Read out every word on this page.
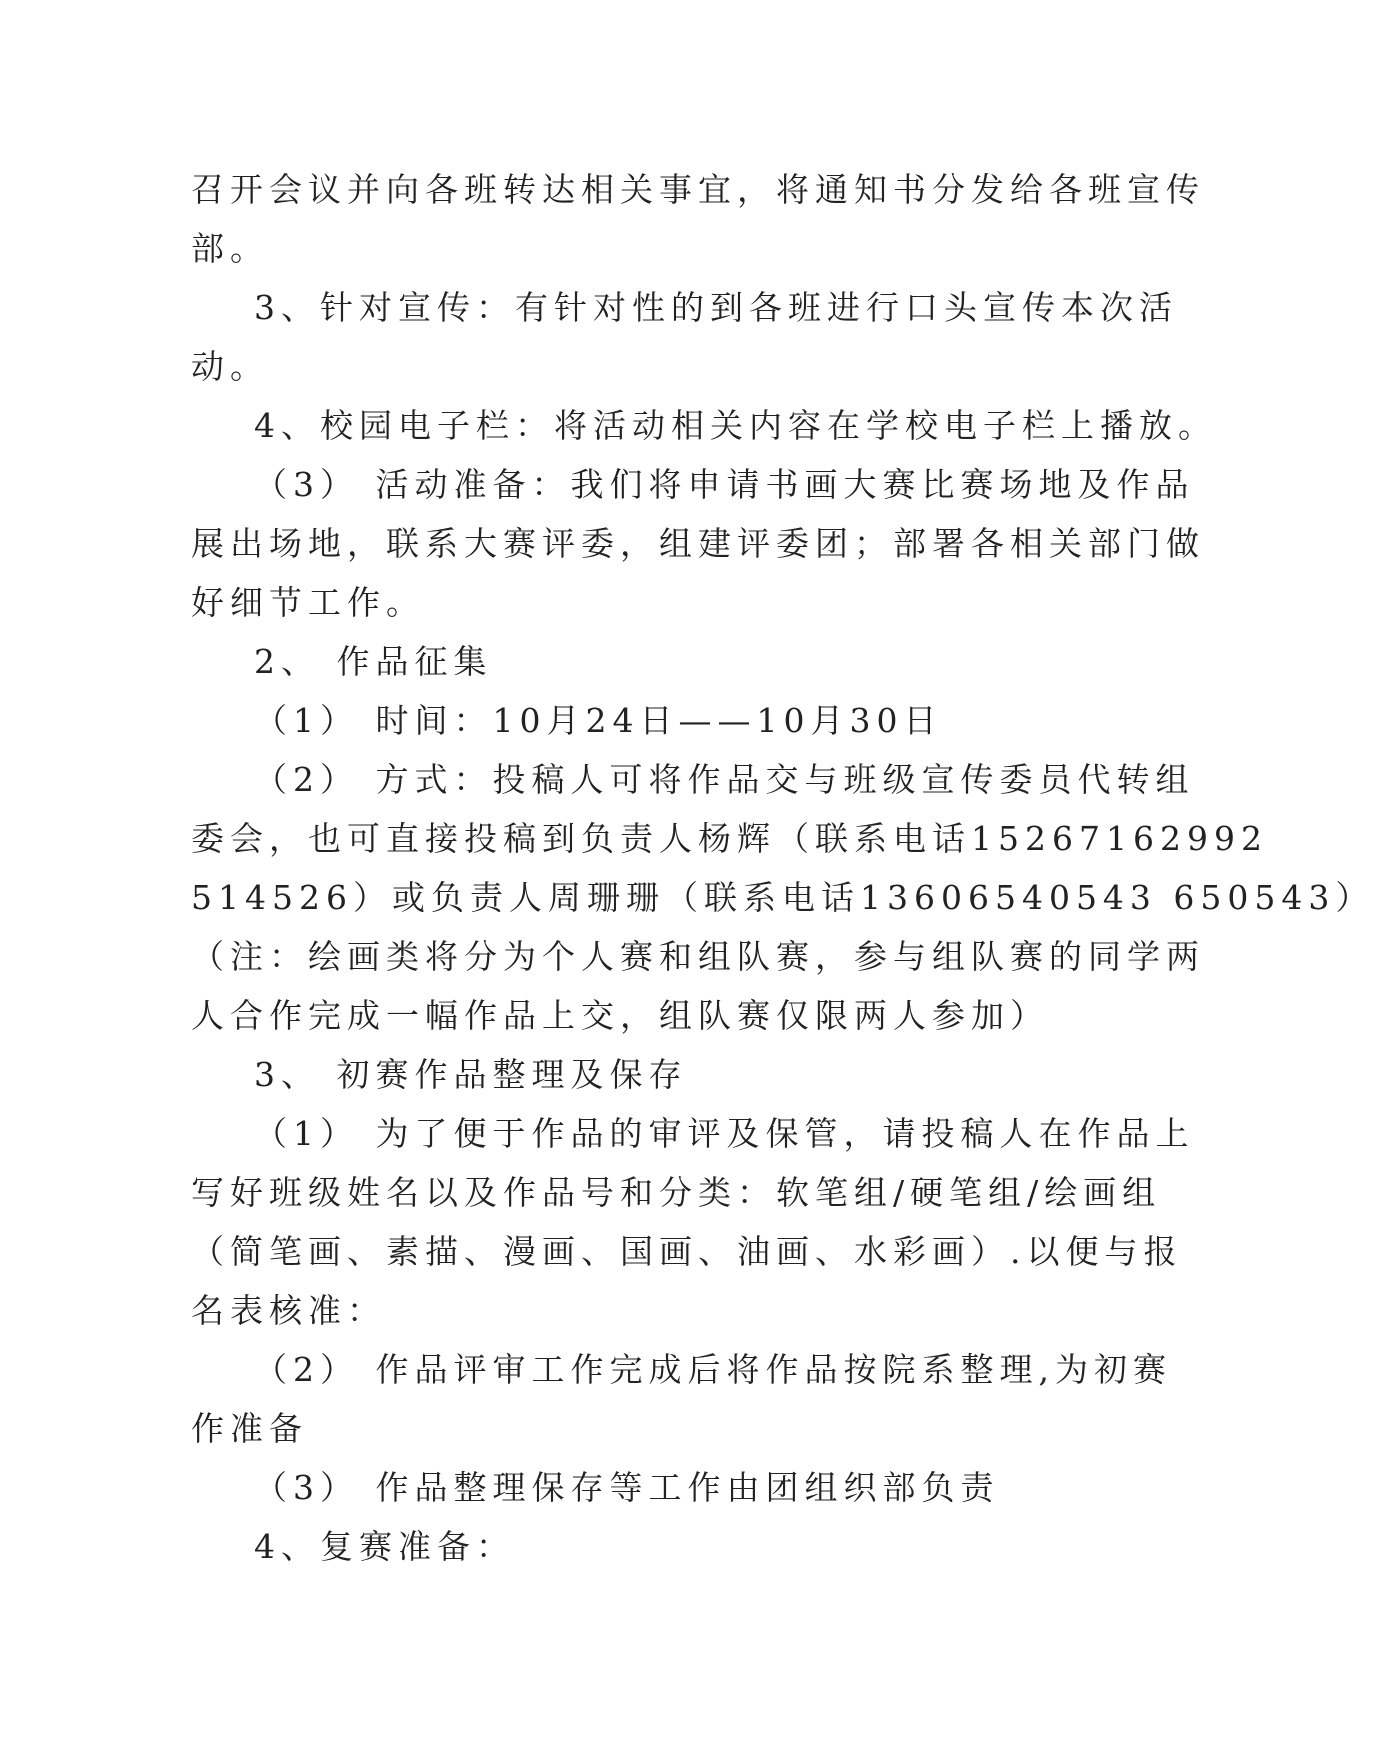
召开会议并向各班转达相关事宜，将通知书分发给各班宣传
部。
3、针对宣传：有针对性的到各班进行口头宣传本次活
动。
4、校园电子栏：将活动相关内容在学校电子栏上播放。
（3） 活动准备：我们将申请书画大赛比赛场地及作品
展出场地，联系大赛评委，组建评委团；部署各相关部门做
好细节工作。
2、 作品征集
（1） 时间：10月24日——10月30日
（2） 方式：投稿人可将作品交与班级宣传委员代转组
委会，也可直接投稿到负责人杨辉（联系电话15267162992
514526）或负责人周珊珊（联系电话13606540543 650543）
（注：绘画类将分为个人赛和组队赛，参与组队赛的同学两
人合作完成一幅作品上交，组队赛仅限两人参加）
3、 初赛作品整理及保存
（1） 为了便于作品的审评及保管，请投稿人在作品上
写好班级姓名以及作品号和分类：软笔组/硬笔组/绘画组
（简笔画、素描、漫画、国画、油画、水彩画）.以便与报
名表核准：
（2） 作品评审工作完成后将作品按院系整理,为初赛
作准备
（3） 作品整理保存等工作由团组织部负责
4、复赛准备：
